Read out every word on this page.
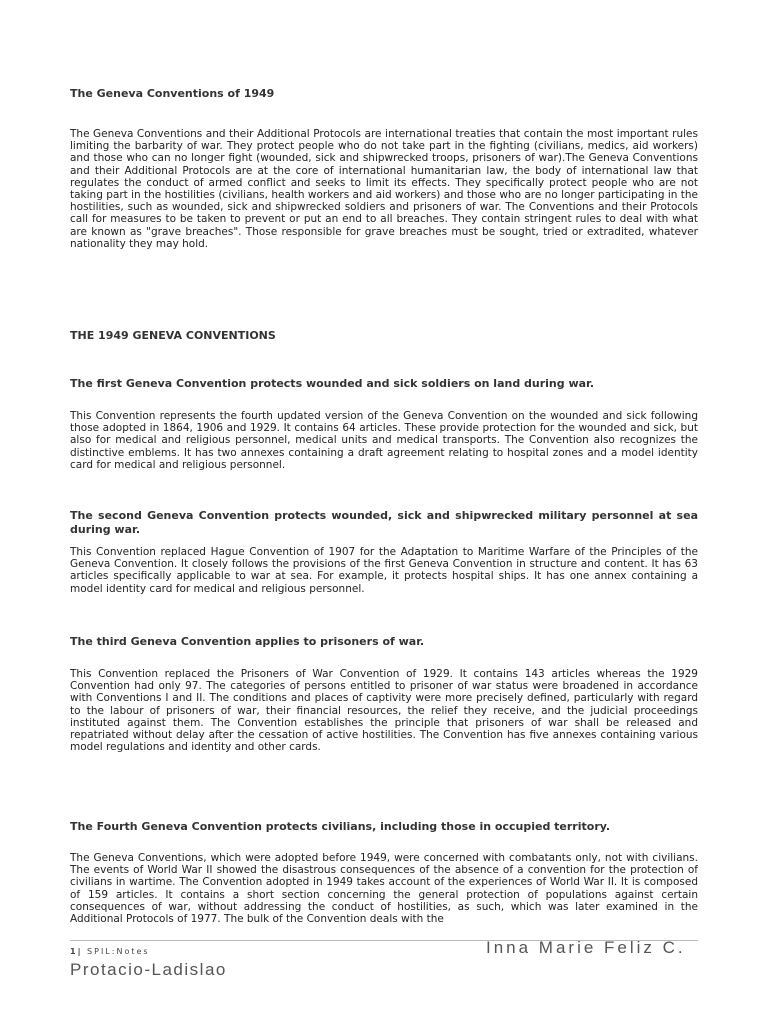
The Geneva Conventions of 1949

The Geneva Conventions and their Additional Protocols are international treaties that contain the most important rules limiting the barbarity of war. They protect people who do not take part in the fighting (civilians, medics, aid workers) and those who can no longer fight (wounded, sick and shipwrecked troops, prisoners of war).The Geneva Conventions and their Additional Protocols are at the core of international humanitarian law, the body of international law that regulates the conduct of armed conflict and seeks to limit its effects. They specifically protect people who are not taking part in the hostilities (civilians, health workers and aid workers) and those who are no longer participating in the hostilities, such as wounded, sick and shipwrecked soldiers and prisoners of war. The Conventions and their Protocols call for measures to be taken to prevent or put an end to all breaches. They contain stringent rules to deal with what are known as "grave breaches". Those responsible for grave breaches must be sought, tried or extradited, whatever nationality they may hold.

THE 1949 GENEVA CONVENTIONS

The first Geneva Convention protects wounded and sick soldiers on land during war.

This Convention represents the fourth updated version of the Geneva Convention on the wounded and sick following those adopted in 1864, 1906 and 1929. It contains 64 articles. These provide protection for the wounded and sick, but also for medical and religious personnel, medical units and medical transports. The Convention also recognizes the distinctive emblems. It has two annexes containing a draft agreement relating to hospital zones and a model identity card for medical and religious personnel.

The second Geneva Convention protects wounded, sick and shipwrecked military personnel at sea during war.

This Convention replaced Hague Convention of 1907 for the Adaptation to Maritime Warfare of the Principles of the Geneva Convention. It closely follows the provisions of the first Geneva Convention in structure and content. It has 63 articles specifically applicable to war at sea. For example, it protects hospital ships. It has one annex containing a model identity card for medical and religious personnel.

The third Geneva Convention applies to prisoners of war.

This Convention replaced the Prisoners of War Convention of 1929. It contains 143 articles whereas the 1929 Convention had only 97. The categories of persons entitled to prisoner of war status were broadened in accordance with Conventions I and II. The conditions and places of captivity were more precisely defined, particularly with regard to the labour of prisoners of war, their financial resources, the relief they receive, and the judicial proceedings instituted against them. The Convention establishes the principle that prisoners of war shall be released and repatriated without delay after the cessation of active hostilities. The Convention has five annexes containing various model regulations and identity and other cards.

The Fourth Geneva Convention protects civilians, including those in occupied territory.

The Geneva Conventions, which were adopted before 1949, were concerned with combatants only, not with civilians. The events of World War II showed the disastrous consequences of the absence of a convention for the protection of civilians in wartime. The Convention adopted in 1949 takes account of the experiences of World War II. It is composed of 159 articles. It contains a short section concerning the general protection of populations against certain consequences of war, without addressing the conduct of hostilities, as such, which was later examined in the Additional Protocols of 1977. The bulk of the Convention deals with the

1| SPIL:Notes	Inna Marie Feliz C.
Protacio-Ladislao
